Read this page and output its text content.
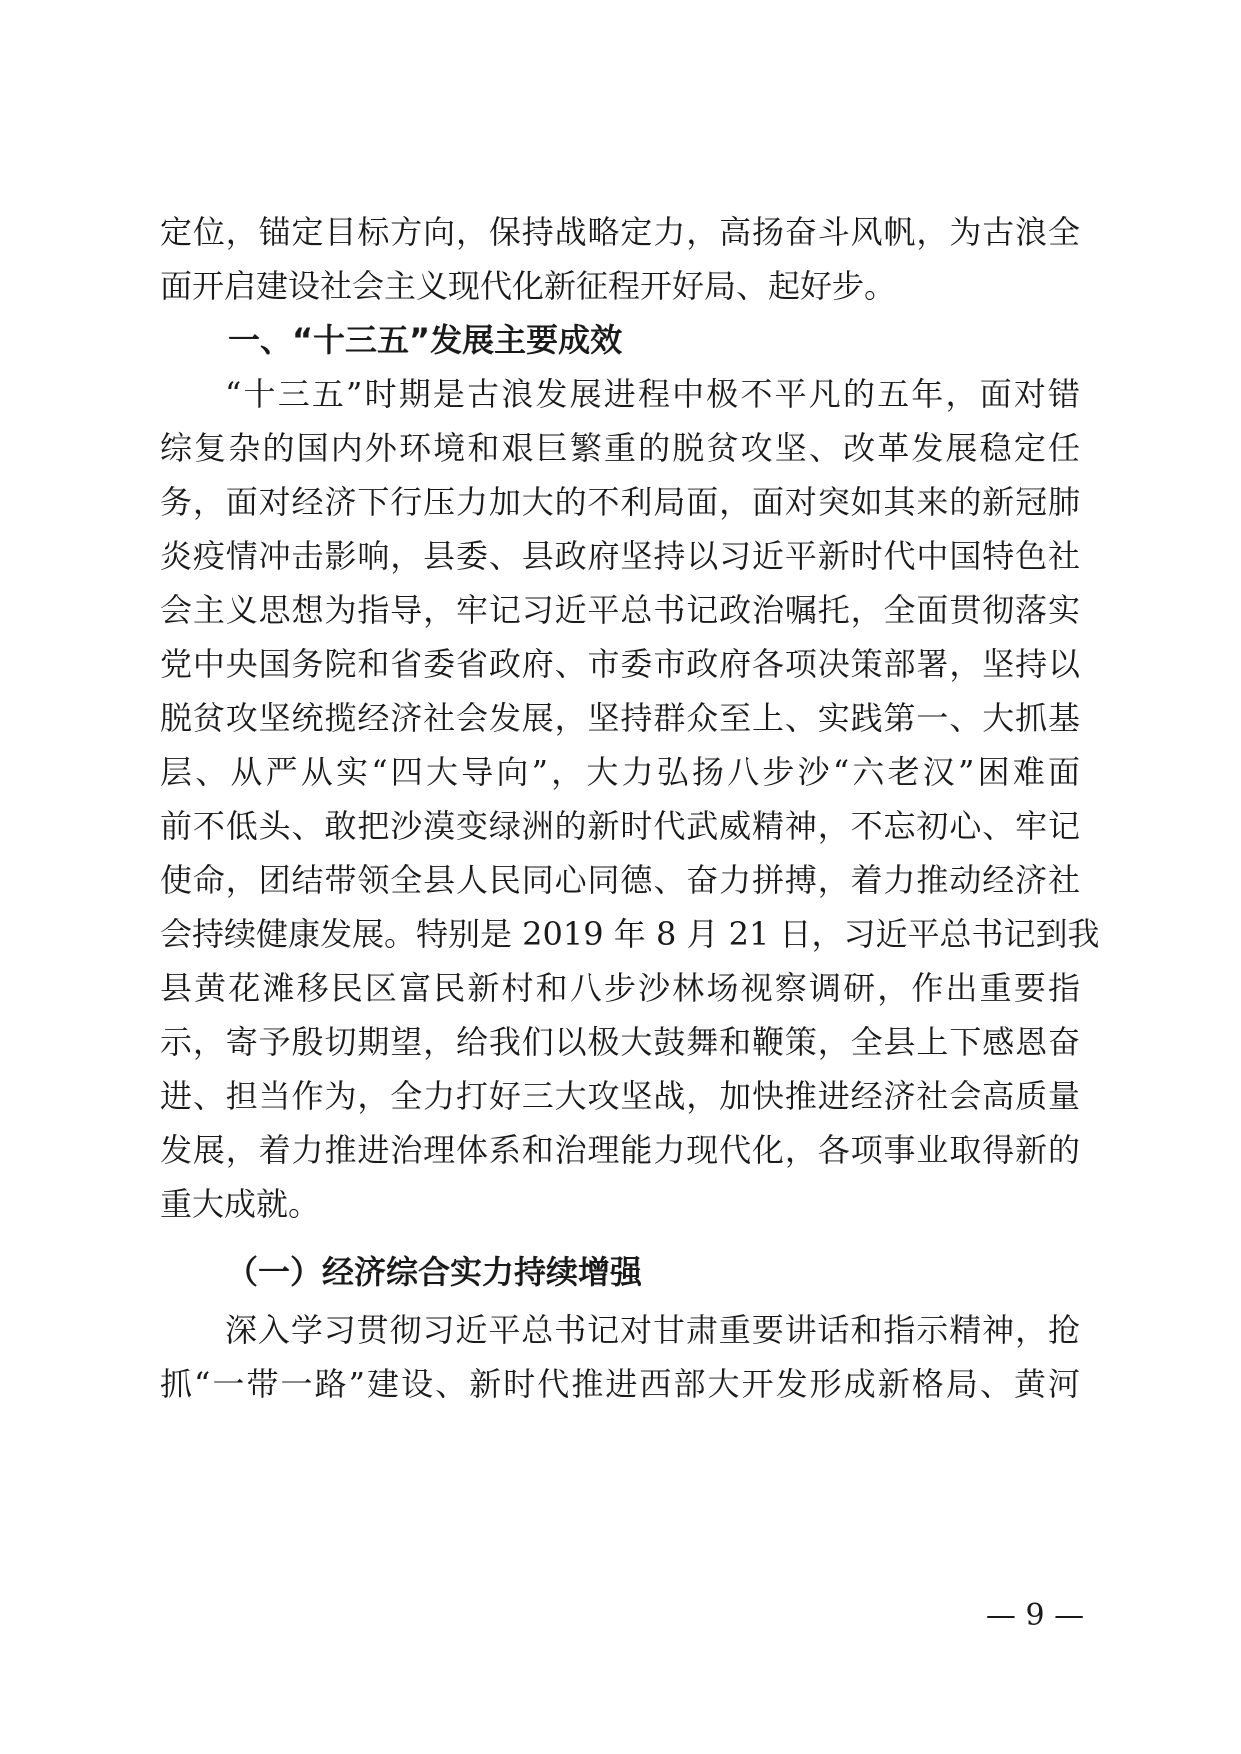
定位，锚定目标方向，保持战略定力，高扬奋斗风帆，为古浪全
面开启建设社会主义现代化新征程开好局、起好步。
一、“十三五”发展主要成效
“十三五”时期是古浪发展进程中极不平凡的五年，面对错
综复杂的国内外环境和艰巨繁重的脱贫攻坚、改革发展稳定任
务，面对经济下行压力加大的不利局面，面对突如其来的新冠肺
炎疫情冲击影响，县委、县政府坚持以习近平新时代中国特色社
会主义思想为指导，牢记习近平总书记政治嘱托，全面贯彻落实
党中央国务院和省委省政府、市委市政府各项决策部署，坚持以
脱贫攻坚统揽经济社会发展，坚持群众至上、实践第一、大抓基
层、从严从实“四大导向”，大力弘扬八步沙“六老汉”困难面
前不低头、敢把沙漠变绿洲的新时代武威精神，不忘初心、牢记
使命，团结带领全县人民同心同德、奋力拼搏，着力推动经济社
会持续健康发展。特别是 2019 年 8 月 21 日，习近平总书记到我
县黄花滩移民区富民新村和八步沙林场视察调研，作出重要指
示，寄予殷切期望，给我们以极大鼓舞和鞭策，全县上下感恩奋
进、担当作为，全力打好三大攻坚战，加快推进经济社会高质量
发展，着力推进治理体系和治理能力现代化，各项事业取得新的
重大成就。
（一）经济综合实力持续增强
深入学习贯彻习近平总书记对甘肃重要讲话和指示精神，抢
抓“一带一路”建设、新时代推进西部大开发形成新格局、黄河
— 9 —
